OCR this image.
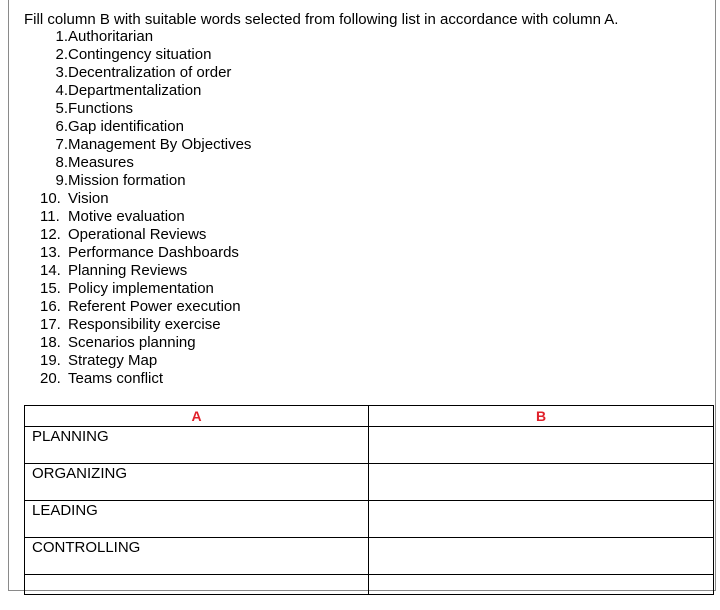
Fill column B with suitable words selected from following list in accordance with column A.
1. Authoritarian
2. Contingency situation
3. Decentralization of order
4. Departmentalization
5. Functions
6. Gap identification
7. Management By Objectives
8. Measures
9. Mission formation
10. Vision
11. Motive evaluation
12. Operational Reviews
13. Performance Dashboards
14. Planning Reviews
15. Policy implementation
16. Referent Power execution
17. Responsibility exercise
18. Scenarios planning
19. Strategy Map
20. Teams conflict
A	B
PLANNING	
ORGANIZING	
LEADING	
CONTROLLING	
